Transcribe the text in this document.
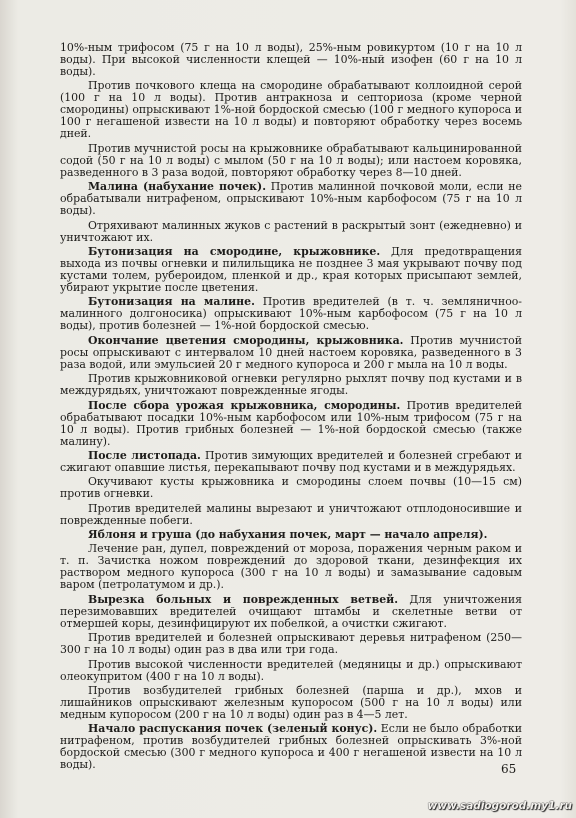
10%-ным трифосом (75 г на 10 л воды), 25%-ным ровикуртом (10 г на 10 л воды). При высокой численности клещей — 10%-ный изофен (60 г на 10 л воды).

Против почкового клеща на смородине обрабатывают коллоидной серой (100 г на 10 л воды). Против антракноза и септориоза (кроме черной смородины) опрыскивают 1%-ной бордоской смесью (100 г медного купороса и 100 г негашеной извести на 10 л воды) и повторяют обработку через восемь дней.

Против мучнистой росы на крыжовнике обрабатывают кальцинированной содой (50 г на 10 л воды) с мылом (50 г на 10 л воды); или настоем коровяка, разведенного в 3 раза водой, повторяют обработку через 8—10 дней.

Малина (набухание почек). Против малинной почковой моли, если не обрабатывали нитрафеном, опрыскивают 10%-ным карбофосом (75 г на 10 л воды).

Отряхивают малинных жуков с растений в раскрытый зонт (ежедневно) и уничтожают их.

Бутонизация на смородине, крыжовнике. Для предотвращения выхода из почвы огневки и пилильщика не позднее 3 мая укрывают почву под кустами толем, рубероидом, пленкой и др., края которых присыпают землей, убирают укрытие после цветения.

Бутонизация на малине. Против вредителей (в т. ч. земляничноо-малинного долгоносика) опрыскивают 10%-ным карбофосом (75 г на 10 л воды), против болезней — 1%-ной бордоской смесью.

Окончание цветения смородины, крыжовника. Против мучнистой росы опрыскивают с интервалом 10 дней настоем коровяка, разведенного в 3 раза водой, или эмульсией 20 г медного купороса и 200 г мыла на 10 л воды.

Против крыжовниковой огневки регулярно рыхлят почву под кустами и в междурядьях, уничтожают поврежденные ягоды.

После сбора урожая крыжовника, смородины. Против вредителей обрабатывают посадки 10%-ным карбофосом или 10%-ным трифосом (75 г на 10 л воды). Против грибных болезней — 1%-ной бордоской смесью (также малину).

После листопада. Против зимующих вредителей и болезней сгребают и сжигают опавшие листья, перекапывают почву под кустами и в междурядьях.

Окучивают кусты крыжовника и смородины слоем почвы (10—15 см) против огневки.

Против вредителей малины вырезают и уничтожают отплодоносившие и поврежденные побеги.

Яблоня и груша (до набухания почек, март — начало апреля).

Лечение ран, дупел, повреждений от мороза, поражения черным раком и т. п. Зачистка ножом повреждений до здоровой ткани, дезинфекция их раствором медного купороса (300 г на 10 л воды) и замазывание садовым варом (петролатумом и др.).

Вырезка больных и поврежденных ветвей. Для уничтожения перезимовавших вредителей очищают штамбы и скелетные ветви от отмершей коры, дезинфицируют их побелкой, а очистки сжигают.

Против вредителей и болезней опрыскивают деревья нитрафеном (250—300 г на 10 л воды) один раз в два или три года.

Против высокой численности вредителей (медяницы и др.) опрыскивают олеокупритом (400 г на 10 л воды).

Против возбудителей грибных болезней (парша и др.), мхов и лишайников опрыскивают железным купоросом (500 г на 10 л воды) или медным купоросом (200 г на 10 л воды) один раз в 4—5 лет.

Начало распускания почек (зеленый конус). Если не было обработки нитрафеном, против возбудителей грибных болезней опрыскивать 3%-ной бордоской смесью (300 г медного купороса и 400 г негашеной извести на 10 л воды).	65
www.sadiogorod.my1.ru
